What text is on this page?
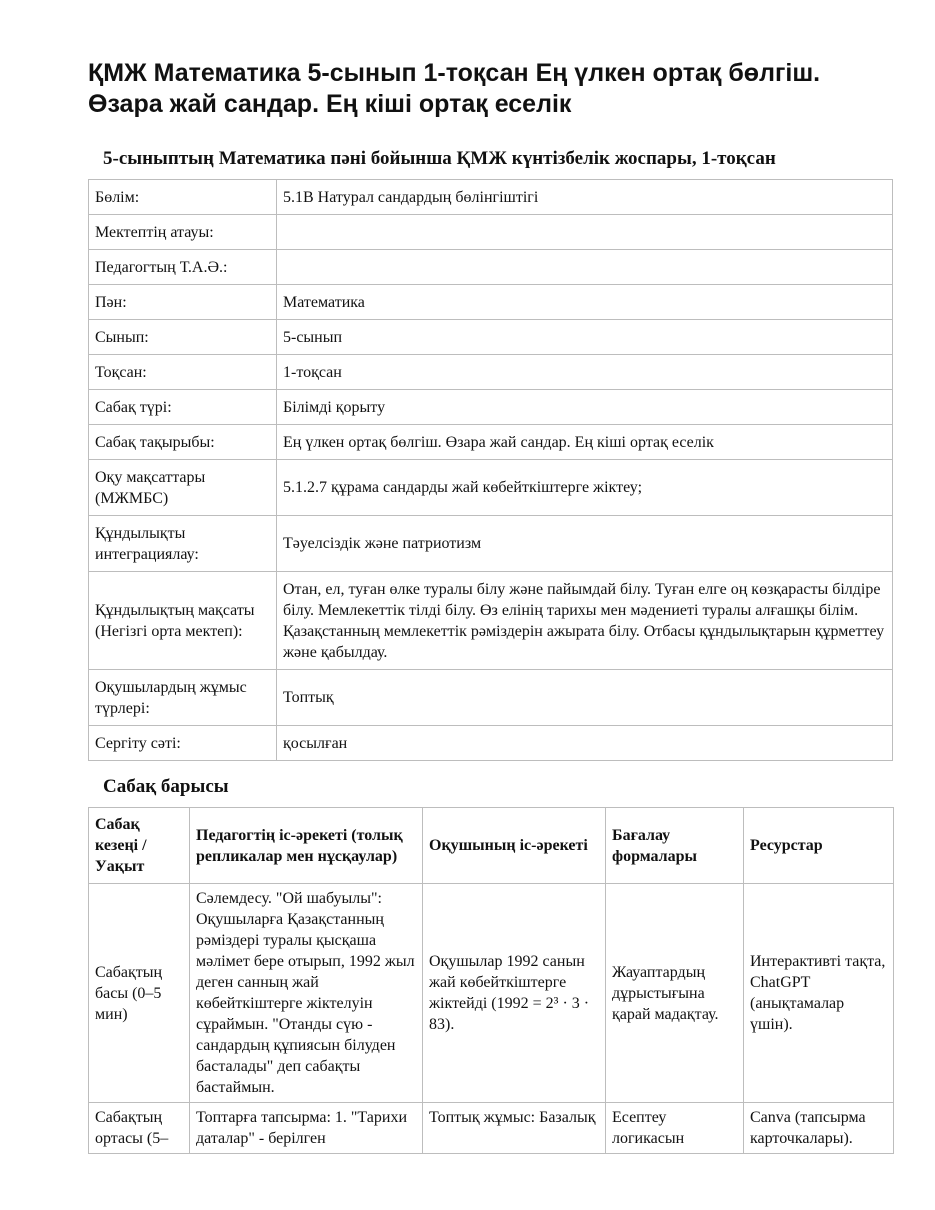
ҚМЖ Математика 5-сынып 1-тоқсан Ең үлкен ортақ бөлгіш. Өзара жай сандар. Ең кіші ортақ еселік
5-сыныптың Математика пәні бойынша ҚМЖ күнтізбелік жоспары, 1-тоқсан
Бөлім:	5.1В Натурал сандардың бөлінгіштігі
Мектептің атауы:	
Педагогтың Т.А.Ә.:	
Пән:	Математика
Сынып:	5-сынып
Тоқсан:	1-тоқсан
Сабақ түрі:	Білімді қорыту
Сабақ тақырыбы:	Ең үлкен ортақ бөлгіш. Өзара жай сандар. Ең кіші ортақ еселік
Оқу мақсаттары (МЖМБС)	5.1.2.7 құрама сандарды жай көбейткіштерге жіктеу;
Құндылықты интеграциялау:	Тәуелсіздік және патриотизм
Құндылықтың мақсаты (Негізгі орта мектеп):	Отан, ел, туған өлке туралы білу және пайымдай білу. Туған елге оң көзқарасты білдіре білу. Мемлекеттік тілді білу. Өз елінің тарихы мен мәдениеті туралы алғашқы білім. Қазақстанның мемлекеттік рәміздерін ажырата білу. Отбасы құндылықтарын құрметтеу және қабылдау.
Оқушылардың жұмыс түрлері:	Топтық
Сергіту сәті:	қосылған
Сабақ барысы
Сабақ кезеңі / Уақыт	Педагогтің іс-әрекеті (толық репликалар мен нұсқаулар)	Оқушының іс-әрекеті	Бағалау формалары	Ресурстар
Сабақтың басы (0–5 мин)	Сәлемдесу. "Ой шабуылы": Оқушыларға Қазақстанның рәміздері туралы қысқаша мәлімет бере отырып, 1992 жыл деген санның жай көбейткіштерге жіктелуін сұраймын. "Отанды сүю - сандардың құпиясын білуден басталады" деп сабақты бастаймын.	Оқушылар 1992 санын жай көбейткіштерге жіктейді (1992 = 2³ · 3 · 83).	Жауаптардың дұрыстығына қарай мадақтау.	Интерактивті тақта, ChatGPT (анықтамалар үшін).
Сабақтың ортасы (5–	Топтарға тапсырма: 1. "Тарихи даталар" - берілген	Топтық жұмыс: Базалық	Есептеу логикасын	Canva (тапсырма карточкалары).
